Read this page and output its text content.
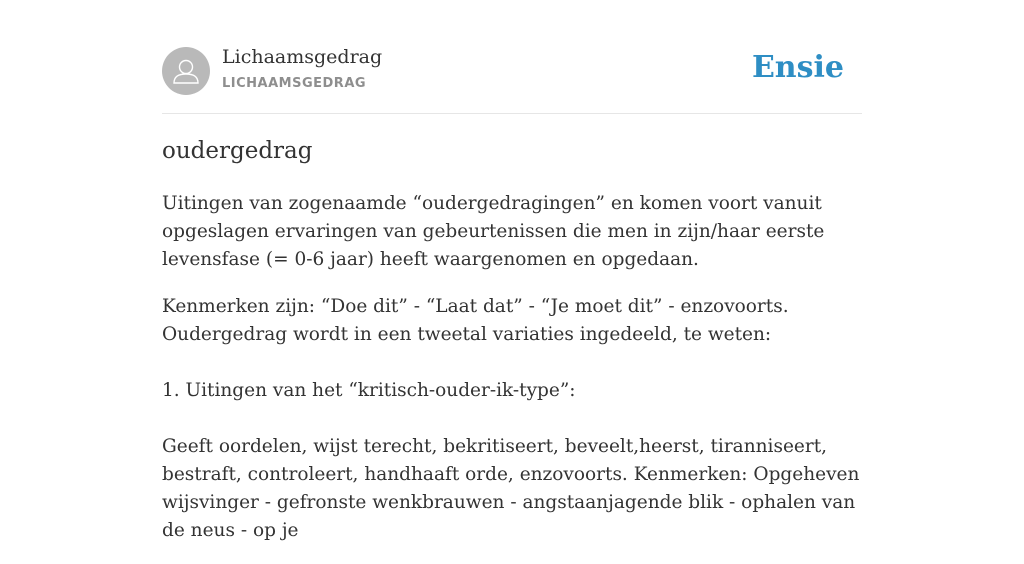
Lichaamsgedrag
LICHAAMSGEDRAG	Ensie
oudergedrag

Uitingen van zogenaamde “oudergedragingen” en komen voort vanuit opgeslagen ervaringen van gebeurtenissen die men in zijn/haar eerste levensfase (= 0-6 jaar) heeft waargenomen en opgedaan.

Kenmerken zijn: “Doe dit” - “Laat dat” - “Je moet dit” - enzovoorts. Oudergedrag wordt in een tweetal variaties ingedeeld, te weten:

1. Uitingen van het “kritisch-ouder-ik-type”:

Geeft oordelen, wijst terecht, bekritiseert, beveelt,heerst, tiranniseert, bestraft, controleert, handhaaft orde, enzovoorts. Kenmerken: Opgeheven wijsvinger - gefronste wenkbrauwen - angstaanjagende blik - ophalen van de neus - op je
